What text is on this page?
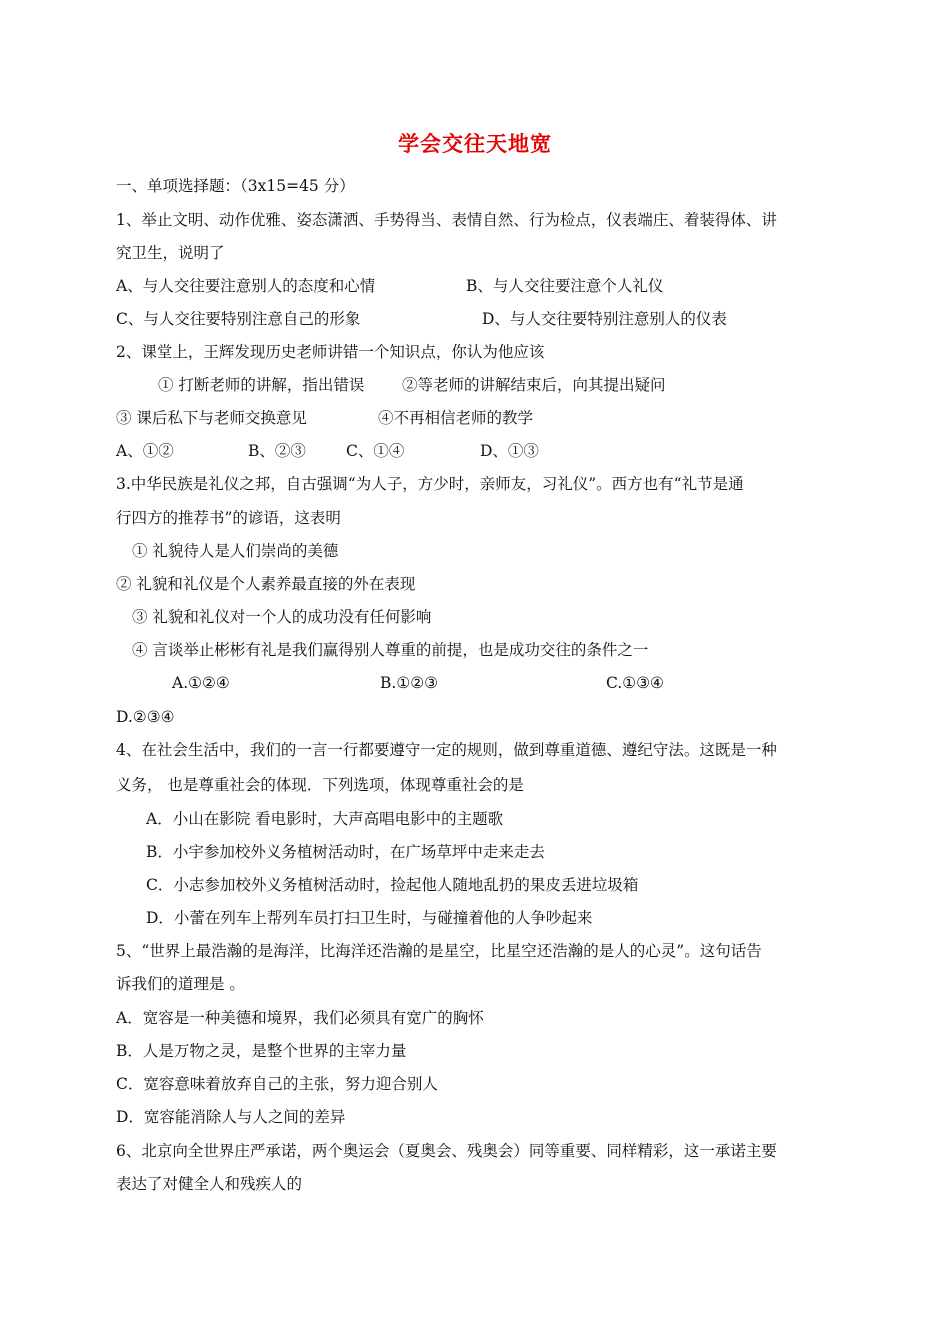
学会交往天地宽
一、单项选择题：（3x15=45 分）
1、举止文明、动作优雅、姿态潇洒、手势得当、表情自然、行为检点，仪表端庄、着装得体、讲
究卫生，说明了
A、与人交往要注意别人的态度和心情	B、与人交往要注意个人礼仪
C、与人交往要特别注意自己的形象	D、与人交往要特别注意别人的仪表
2、课堂上，王辉发现历史老师讲错一个知识点，你认为他应该
① 打断老师的讲解，指出错误 ②等老师的讲解结束后，向其提出疑问
③ 课后私下与老师交换意见	④不再相信老师的教学
A、①②	B、②③	C、①④	D、①③
3.中华民族是礼仪之邦，自古强调“为人子，方少时，亲师友，习礼仪”。西方也有“礼节是通
行四方的推荐书”的谚语，这表明
① 礼貌待人是人们崇尚的美德
② 礼貌和礼仪是个人素养最直接的外在表现
③ 礼貌和礼仪对一个人的成功没有任何影响
④ 言谈举止彬彬有礼是我们赢得别人尊重的前提，也是成功交往的条件之一
A.①②④	B.①②③	C.①③④
D.②③④
4、在社会生活中，我们的一言一行都要遵守一定的规则，做到尊重道德、遵纪守法。这既是一种
义务， 也是尊重社会的体现．下列选项，体现尊重社会的是
A．小山在影院 看电影时，大声高唱电影中的主题歌
B．小宇参加校外义务植树活动时，在广场草坪中走来走去
C．小志参加校外义务植树活动时，捡起他人随地乱扔的果皮丢进垃圾箱
D．小蕾在列车上帮列车员打扫卫生时，与碰撞着他的人争吵起来
5、“世界上最浩瀚的是海洋，比海洋还浩瀚的是星空，比星空还浩瀚的是人的心灵”。这句话告
诉我们的道理是 。
A．宽容是一种美德和境界，我们必须具有宽广的胸怀
B．人是万物之灵，是整个世界的主宰力量
C．宽容意味着放弃自己的主张，努力迎合别人
D．宽容能消除人与人之间的差异
6、北京向全世界庄严承诺，两个奥运会（夏奥会、残奥会）同等重要、同样精彩，这一承诺主要
表达了对健全人和残疾人的
